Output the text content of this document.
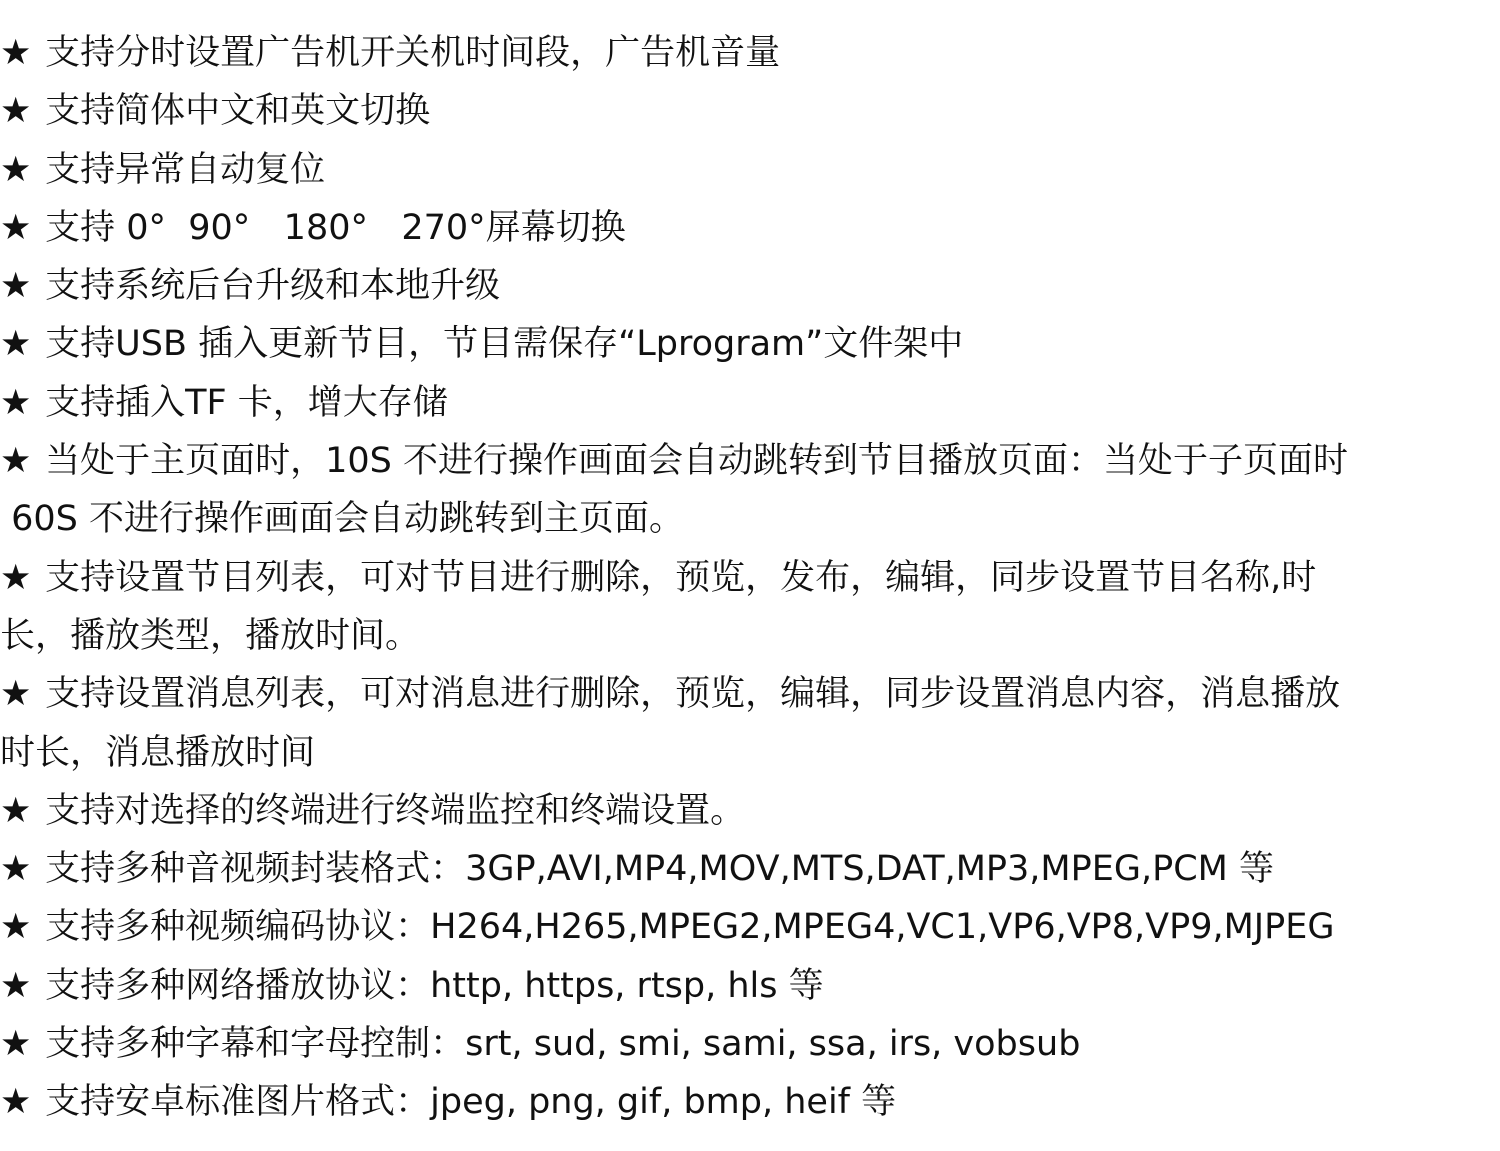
★ 支持分时设置广告机开关机时间段，广告机音量
★ 支持简体中文和英文切换
★ 支持异常自动复位
★ 支持 0°  90°   180°   270°屏幕切换
★ 支持系统后台升级和本地升级
★ 支持USB 插入更新节目，节目需保存“Lprogram”文件架中
★ 支持插入TF 卡，增大存储
★ 当处于主页面时，10S 不进行操作画面会自动跳转到节目播放页面：当处于子页面时
60S 不进行操作画面会自动跳转到主页面。
★ 支持设置节目列表，可对节目进行删除，预览，发布，编辑，同步设置节目名称,时
长，播放类型，播放时间。
★ 支持设置消息列表，可对消息进行删除，预览，编辑，同步设置消息内容，消息播放
时长，消息播放时间
★ 支持对选择的终端进行终端监控和终端设置。
★ 支持多种音视频封装格式：3GP,AVI,MP4,MOV,MTS,DAT,MP3,MPEG,PCM 等
★ 支持多种视频编码协议：H264,H265,MPEG2,MPEG4,VC1,VP6,VP8,VP9,MJPEG
★ 支持多种网络播放协议：http, https, rtsp, hls 等
★ 支持多种字幕和字母控制：srt, sud, smi, sami, ssa, irs, vobsub
★ 支持安卓标准图片格式：jpeg, png, gif, bmp, heif 等
